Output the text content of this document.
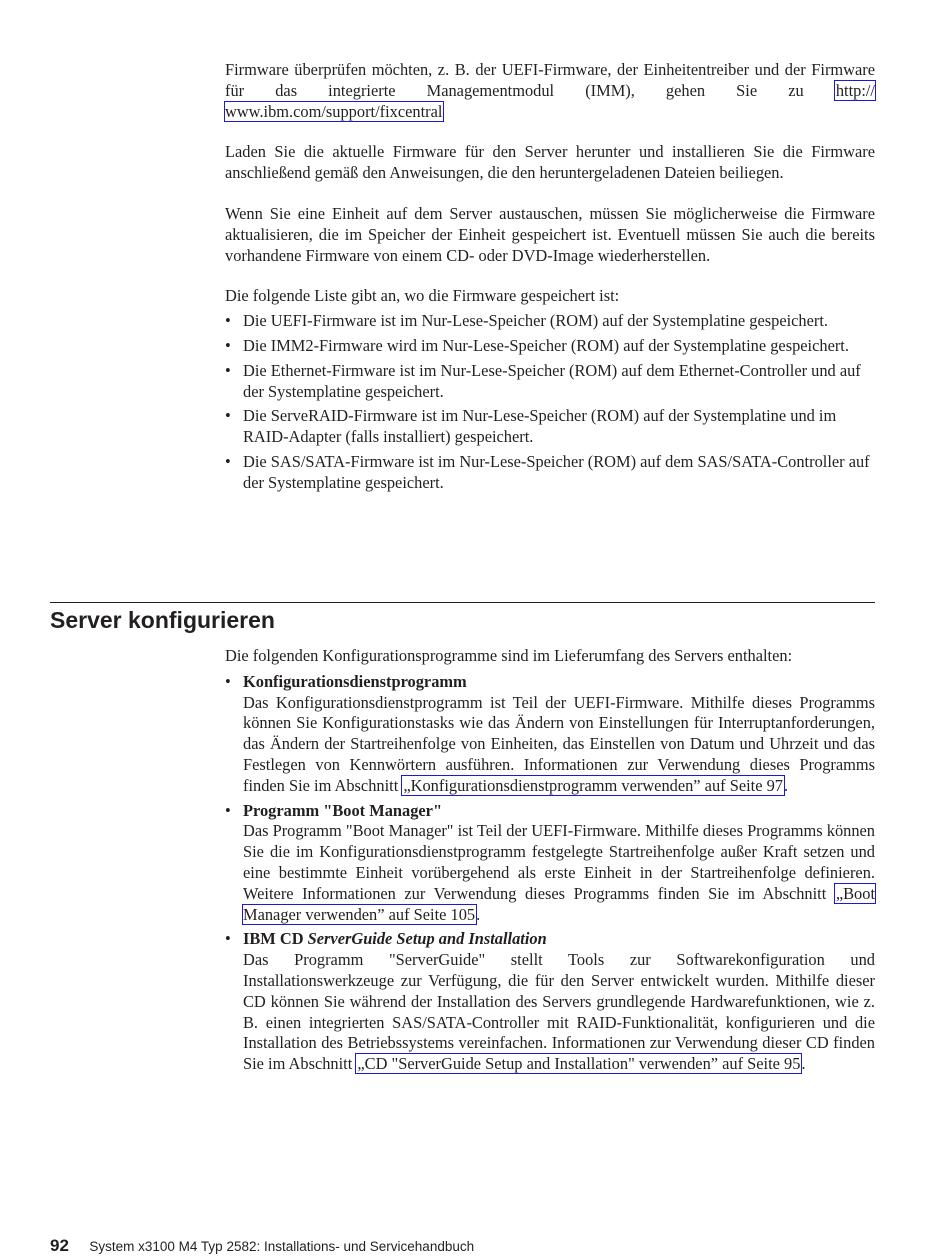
Firmware überprüfen möchten, z. B. der UEFI-Firmware, der Einheitentreiber und der Firmware für das integrierte Managementmodul (IMM), gehen Sie zu http:// www.ibm.com/support/fixcentral

Laden Sie die aktuelle Firmware für den Server herunter und installieren Sie die Firmware anschließend gemäß den Anweisungen, die den heruntergeladenen Dateien beiliegen.

Wenn Sie eine Einheit auf dem Server austauschen, müssen Sie möglicherweise die Firmware aktualisieren, die im Speicher der Einheit gespeichert ist. Eventuell müssen Sie auch die bereits vorhandene Firmware von einem CD- oder DVD-Image wiederherstellen.

Die folgende Liste gibt an, wo die Firmware gespeichert ist:

• Die UEFI-Firmware ist im Nur-Lese-Speicher (ROM) auf der Systemplatine gespeichert.
• Die IMM2-Firmware wird im Nur-Lese-Speicher (ROM) auf der Systemplatine gespeichert.
• Die Ethernet-Firmware ist im Nur-Lese-Speicher (ROM) auf dem Ethernet-Controller und auf der Systemplatine gespeichert.
• Die ServeRAID-Firmware ist im Nur-Lese-Speicher (ROM) auf der Systemplatine und im RAID-Adapter (falls installiert) gespeichert.
• Die SAS/SATA-Firmware ist im Nur-Lese-Speicher (ROM) auf dem SAS/SATA-Controller auf der Systemplatine gespeichert.
Server konfigurieren

Die folgenden Konfigurationsprogramme sind im Lieferumfang des Servers enthalten:

• Konfigurationsdienstprogramm

Das Konfigurationsdienstprogramm ist Teil der UEFI-Firmware. Mithilfe dieses Programms können Sie Konfigurationstasks wie das Ändern von Einstellungen für Interruptanforderungen, das Ändern der Startreihenfolge von Einheiten, das Einstellen von Datum und Uhrzeit und das Festlegen von Kennwörtern ausführen. Informationen zur Verwendung dieses Programms finden Sie im Abschnitt „Konfigurationsdienstprogramm verwenden” auf Seite 97.

• Programm "Boot Manager"

Das Programm "Boot Manager" ist Teil der UEFI-Firmware. Mithilfe dieses Programms können Sie die im Konfigurationsdienstprogramm festgelegte Startreihenfolge außer Kraft setzen und eine bestimmte Einheit vorübergehend als erste Einheit in der Startreihenfolge definieren. Weitere Informationen zur Verwendung dieses Programms finden Sie im Abschnitt „Boot Manager verwenden” auf Seite 105.

• IBM CD ServerGuide Setup and Installation

Das Programm "ServerGuide" stellt Tools zur Softwarekonfiguration und Installationswerkzeuge zur Verfügung, die für den Server entwickelt wurden. Mithilfe dieser CD können Sie während der Installation des Servers grundlegende Hardwarefunktionen, wie z. B. einen integrierten SAS/SATA-Controller mit RAID-Funktionalität, konfigurieren und die Installation des Betriebssystems vereinfachen. Informationen zur Verwendung dieser CD finden Sie im Abschnitt „CD "ServerGuide Setup and Installation" verwenden” auf Seite 95.

92 System x3100 M4 Typ 2582: Installations- und Servicehandbuch
